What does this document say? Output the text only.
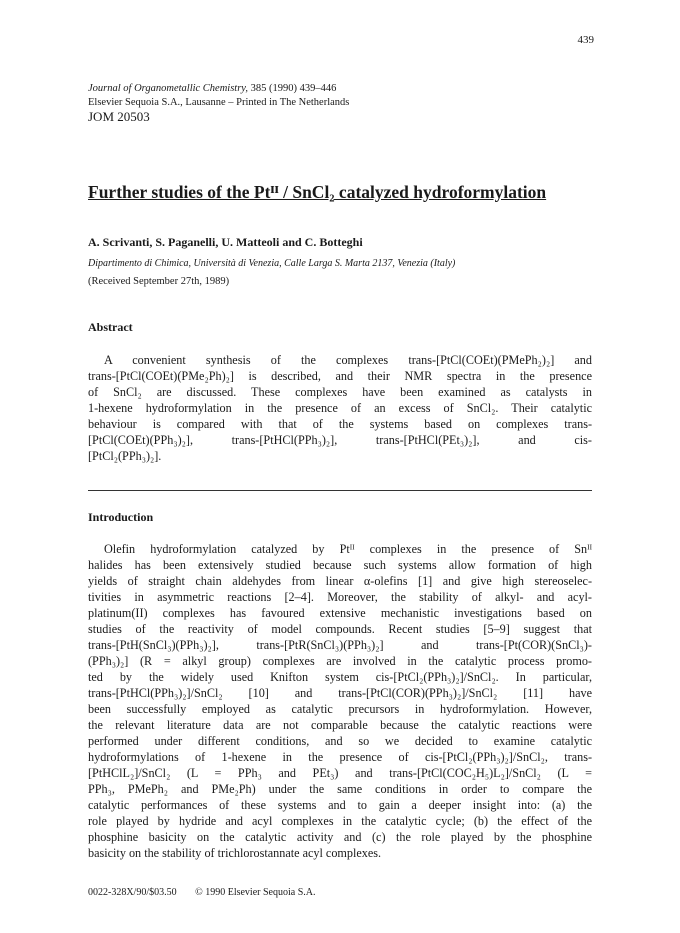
439
Journal of Organometallic Chemistry, 385 (1990) 439–446
Elsevier Sequoia S.A., Lausanne – Printed in The Netherlands
JOM 20503
Further studies of the Ptᴵᴵ / SnCl₂ catalyzed hydroformylation
A. Scrivanti, S. Paganelli, U. Matteoli and C. Botteghi
Dipartimento di Chimica, Università di Venezia, Calle Larga S. Marta 2137, Venezia (Italy)
(Received September 27th, 1989)
Abstract
A convenient synthesis of the complexes trans-[PtCl(COEt)(PMePh₂)₂] and
trans-[PtCl(COEt)(PMe₂Ph)₂] is described, and their NMR spectra in the presence
of SnCl₂ are discussed. These complexes have been examined as catalysts in
1-hexene hydroformylation in the presence of an excess of SnCl₂. Their catalytic
behaviour is compared with that of the systems based on complexes trans-
[PtCl(COEt)(PPh₃)₂], trans-[PtHCl(PPh₃)₂], trans-[PtHCl(PEt₃)₂], and cis-
[PtCl₂(PPh₃)₂].
Introduction
Olefin hydroformylation catalyzed by Ptᴵᴵ complexes in the presence of Snᴵᴵ
halides has been extensively studied because such systems allow formation of high
yields of straight chain aldehydes from linear α-olefins [1] and give high stereoselec-
tivities in asymmetric reactions [2–4]. Moreover, the stability of alkyl- and acyl-
platinum(II) complexes has favoured extensive mechanistic investigations based on
studies of the reactivity of model compounds. Recent studies [5–9] suggest that
trans-[PtH(SnCl₃)(PPh₃)₂], trans-[PtR(SnCl₃)(PPh₃)₂] and trans-[Pt(COR)(SnCl₃)-
(PPh₃)₂] (R = alkyl group) complexes are involved in the catalytic process promo-
ted by the widely used Knifton system cis-[PtCl₂(PPh₃)₂]/SnCl₂. In particular,
trans-[PtHCl(PPh₃)₂]/SnCl₂ [10] and trans-[PtCl(COR)(PPh₃)₂]/SnCl₂ [11] have
been successfully employed as catalytic precursors in hydroformylation. However,
the relevant literature data are not comparable because the catalytic reactions were
performed under different conditions, and so we decided to examine catalytic
hydroformylations of 1-hexene in the presence of cis-[PtCl₂(PPh₃)₂]/SnCl₂, trans-
[PtHClL₂]/SnCl₂ (L = PPh₃ and PEt₃) and trans-[PtCl(COC₂H₅)L₂]/SnCl₂ (L =
PPh₃, PMePh₂ and PMe₂Ph) under the same conditions in order to compare the
catalytic performances of these systems and to gain a deeper insight into: (a) the
role played by hydride and acyl complexes in the catalytic cycle; (b) the effect of the
phosphine basicity on the catalytic activity and (c) the role played by the phosphine
basicity on the stability of trichlorostannate acyl complexes.
0022-328X/90/$03.50 © 1990 Elsevier Sequoia S.A.
